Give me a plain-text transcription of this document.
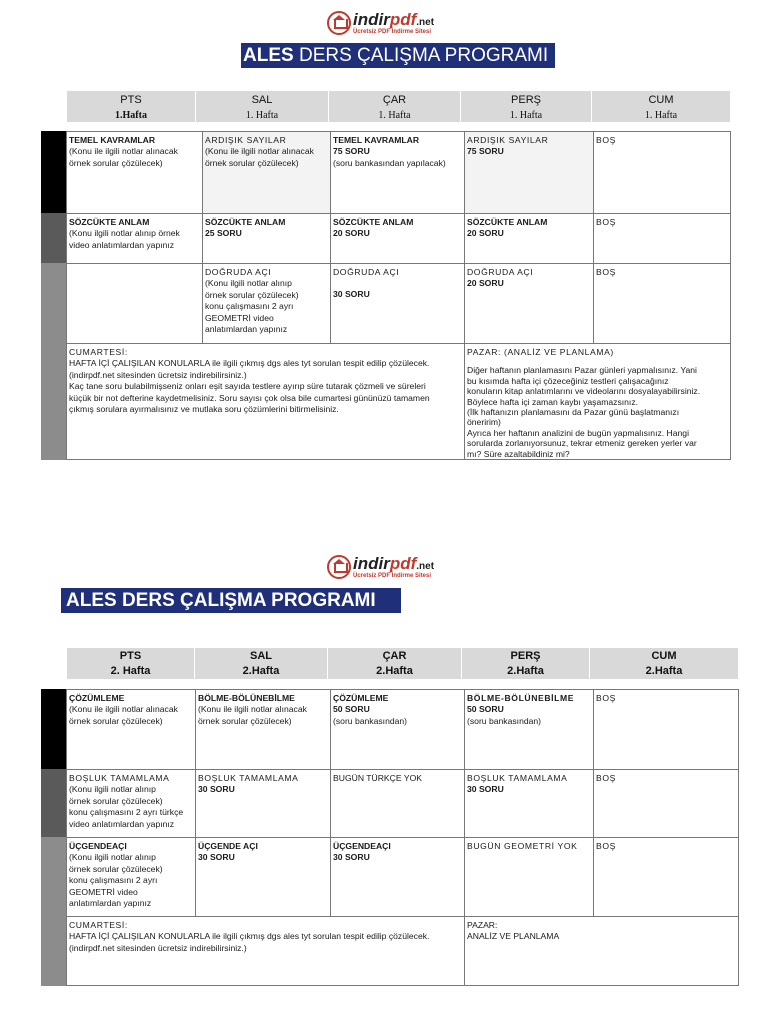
indirpdf.net
Ücretsiz PDF İndirme Sitesi
ALES DERS ÇALIŞMA PROGRAMI
PTS
1.Hafta
SAL
1. Hafta
ÇAR
1. Hafta
PERŞ
1. Hafta
CUM
1. Hafta
TEMEL KAVRAMLAR
(Konu ile ilgili notlar alınacak
örnek sorular çözülecek)
ARDIŞIK SAYILAR
(Konu ile ilgili notlar alınacak
örnek sorular çözülecek)
TEMEL KAVRAMLAR
75 SORU
(soru bankasından yapılacak)
ARDIŞIK SAYILAR
75 SORU
BOŞ
SÖZCÜKTE ANLAM
(Konu ilgili notlar alınıp örnek
video anlatımlardan yapınız
SÖZCÜKTE ANLAM
25 SORU
SÖZCÜKTE ANLAM
20 SORU
SÖZCÜKTE ANLAM
20 SORU
BOŞ
DOĞRUDA AÇI
(Konu ilgili notlar alınıp
örnek sorular çözülecek)
konu çalışmasını 2 ayrı
GEOMETRİ video
anlatımlardan yapınız
DOĞRUDA AÇI
30 SORU
DOĞRUDA AÇI
20 SORU
BOŞ
CUMARTESİ:
HAFTA İÇİ ÇALIŞILAN KONULARLA ile ilgili çıkmış dgs ales tyt sorulan tespit edilip çözülecek.
(indirpdf.net sitesinden ücretsiz indirebilirsiniz.)
Kaç tane soru bulabilmişseniz onları eşit sayıda testlere ayırıp süre tutarak çözmeli ve süreleri
küçük bir not defterine kaydetmelisiniz. Soru sayısı çok olsa bile cumartesi gününüzü tamamen
çıkmış sorulara ayırmalısınız ve mutlaka soru çözümlerini bitirmelisiniz.
PAZAR: (ANALİZ VE PLANLAMA)
Diğer haftanın planlamasını Pazar günleri yapmalısınız. Yani
bu kısımda hafta içi çözeceğiniz testleri çalışacağınız
konuların kitap anlatımlarını ve videolarını dosyalayabilirsiniz.
Böylece hafta içi zaman kaybı yaşamazsınız.
(İlk haftanızın planlamasını da Pazar günü başlatmanızı
öneririm)
Ayrıca her haftanın analizini de bugün yapmalısınız. Hangi
sorularda zorlanıyorsunuz, tekrar etmeniz gereken yerler var
mı? Süre azaltabildiniz mi?
indirpdf.net
Ücretsiz PDF İndirme Sitesi
ALES DERS ÇALIŞMA PROGRAMI
PTS
2. Hafta
SAL
2.Hafta
ÇAR
2.Hafta
PERŞ
2.Hafta
CUM
2.Hafta
ÇÖZÜMLEME
(Konu ile ilgili notlar alınacak
örnek sorular çözülecek)
BÖLME-BÖLÜNEBİLME
(Konu ile ilgili notlar alınacak
örnek sorular çözülecek)
ÇÖZÜMLEME
50 SORU
(soru bankasından)
BÖLME-BÖLÜNEBİLME
50 SORU
(soru bankasından)
BOŞ
BOŞLUK TAMAMLAMA
(Konu ilgili notlar alınıp
örnek sorular çözülecek)
konu çalışmasını 2 ayrı türkçe
video anlatımlardan yapınız
BOŞLUK TAMAMLAMA
30 SORU
BUGÜN TÜRKÇE YOK	BOŞLUK TAMAMLAMA
30 SORU
BOŞ
ÜÇGENDEAÇI
(Konu ilgili notlar alınıp
örnek sorular çözülecek)
konu çalışmasını 2 ayrı
GEOMETRİ video
anlatımlardan yapınız
ÜÇGENDE AÇI
30 SORU
ÜÇGENDEAÇI
30 SORU
BUGÜN GEOMETRİ YOK	BOŞ
CUMARTESİ:
HAFTA İÇİ ÇALIŞILAN KONULARLA ile ilgili çıkmış dgs ales tyt sorulan tespit edilip çözülecek.
(indirpdf.net sitesinden ücretsiz indirebilirsiniz.)
PAZAR:
ANALİZ VE PLANLAMA
